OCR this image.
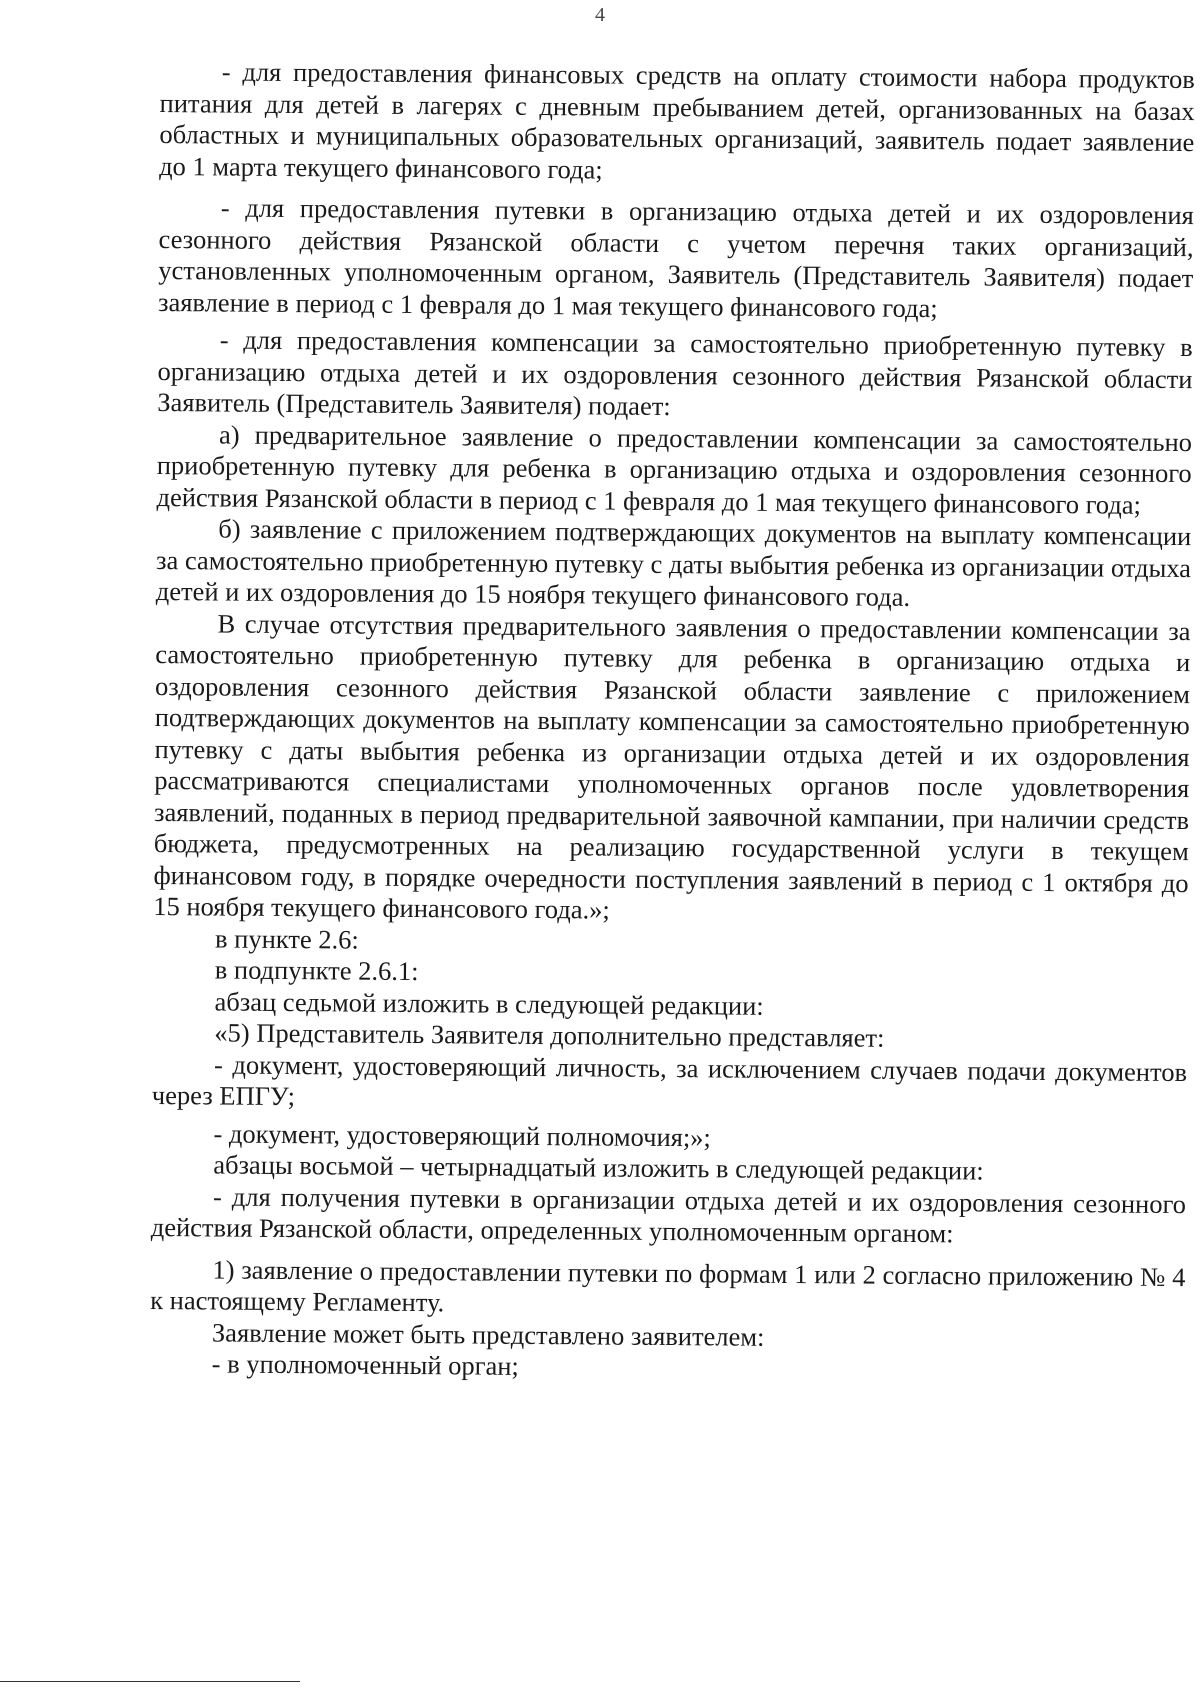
4

- для предоставления финансовых средств на оплату стоимости набора продуктов питания для детей в лагерях с дневным пребыванием детей, организованных на базах областных и муниципальных образовательных организаций, заявитель подает заявление до 1 марта текущего финансового года;

- для предоставления путевки в организацию отдыха детей и их оздоровления сезонного действия Рязанской области с учетом перечня таких организаций, установленных уполномоченным органом, Заявитель (Представитель Заявителя) подает заявление в период с 1 февраля до 1 мая текущего финансового года;

- для предоставления компенсации за самостоятельно приобретенную путевку в организацию отдыха детей и их оздоровления сезонного действия Рязанской области Заявитель (Представитель Заявителя) подает:

а) предварительное заявление о предоставлении компенсации за самостоятельно приобретенную путевку для ребенка в организацию отдыха и оздоровления сезонного действия Рязанской области в период с 1 февраля до 1 мая текущего финансового года;

б) заявление с приложением подтверждающих документов на выплату компенсации за самостоятельно приобретенную путевку с даты выбытия ребенка из организации отдыха детей и их оздоровления до 15 ноября текущего финансового года.

В случае отсутствия предварительного заявления о предоставлении компенсации за самостоятельно приобретенную путевку для ребенка в организацию отдыха и оздоровления сезонного действия Рязанской области заявление с приложением подтверждающих документов на выплату компенсации за самостоятельно приобретенную путевку с даты выбытия ребенка из организации отдыха детей и их оздоровления рассматриваются специалистами уполномоченных органов после удовлетворения заявлений, поданных в период предварительной заявочной кампании, при наличии средств бюджета, предусмотренных на реализацию государственной услуги в текущем финансовом году, в порядке очередности поступления заявлений в период с 1 октября до 15 ноября текущего финансового года.»;

в пункте 2.6:

в подпункте 2.6.1:

абзац седьмой изложить в следующей редакции:

«5) Представитель Заявителя дополнительно представляет:

- документ, удостоверяющий личность, за исключением случаев подачи документов через ЕПГУ;

- документ, удостоверяющий полномочия;»;

абзацы восьмой – четырнадцатый изложить в следующей редакции:

- для получения путевки в организации отдыха детей и их оздоровления сезонного действия Рязанской области, определенных уполномоченным органом:

1) заявление о предоставлении путевки по формам 1 или 2 согласно приложению № 4 к настоящему Регламенту.

Заявление может быть представлено заявителем:

- в уполномоченный орган;
